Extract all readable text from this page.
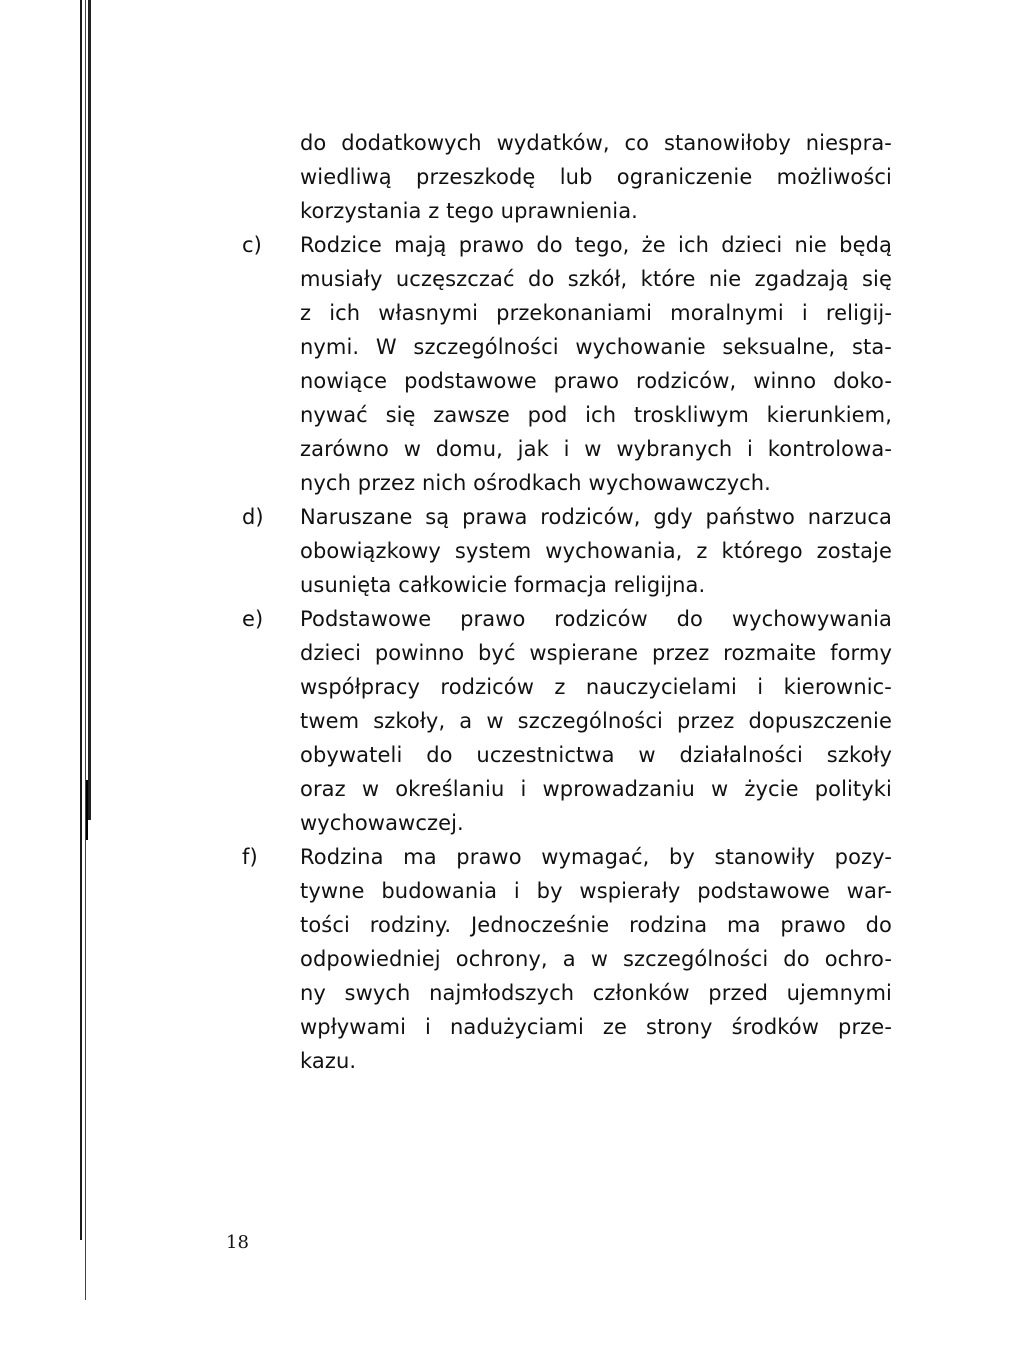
do dodatkowych wydatków, co stanowiłoby niespra-
wiedliwą przeszkodę lub ograniczenie możliwości
korzystania z tego uprawnienia.
c)	Rodzice mają prawo do tego, że ich dzieci nie będą
musiały uczęszczać do szkół, które nie zgadzają się
z ich własnymi przekonaniami moralnymi i religij-
nymi. W szczególności wychowanie seksualne, sta-
nowiące podstawowe prawo rodziców, winno doko-
nywać się zawsze pod ich troskliwym kierunkiem,
zarówno w domu, jak i w wybranych i kontrolowa-
nych przez nich ośrodkach wychowawczych.
d)	Naruszane są prawa rodziców, gdy państwo narzuca
obowiązkowy system wychowania, z którego zostaje
usunięta całkowicie formacja religijna.
e)	Podstawowe prawo rodziców do wychowywania
dzieci powinno być wspierane przez rozmaite formy
współpracy rodziców z nauczycielami i kierownic-
twem szkoły, a w szczególności przez dopuszczenie
obywateli do uczestnictwa w działalności szkoły
oraz w określaniu i wprowadzaniu w życie polityki
wychowawczej.
f)	Rodzina ma prawo wymagać, by stanowiły pozy-
tywne budowania i by wspierały podstawowe war-
tości rodziny. Jednocześnie rodzina ma prawo do
odpowiedniej ochrony, a w szczególności do ochro-
ny swych najmłodszych członków przed ujemnymi
wpływami i nadużyciami ze strony środków prze-
kazu.
18
